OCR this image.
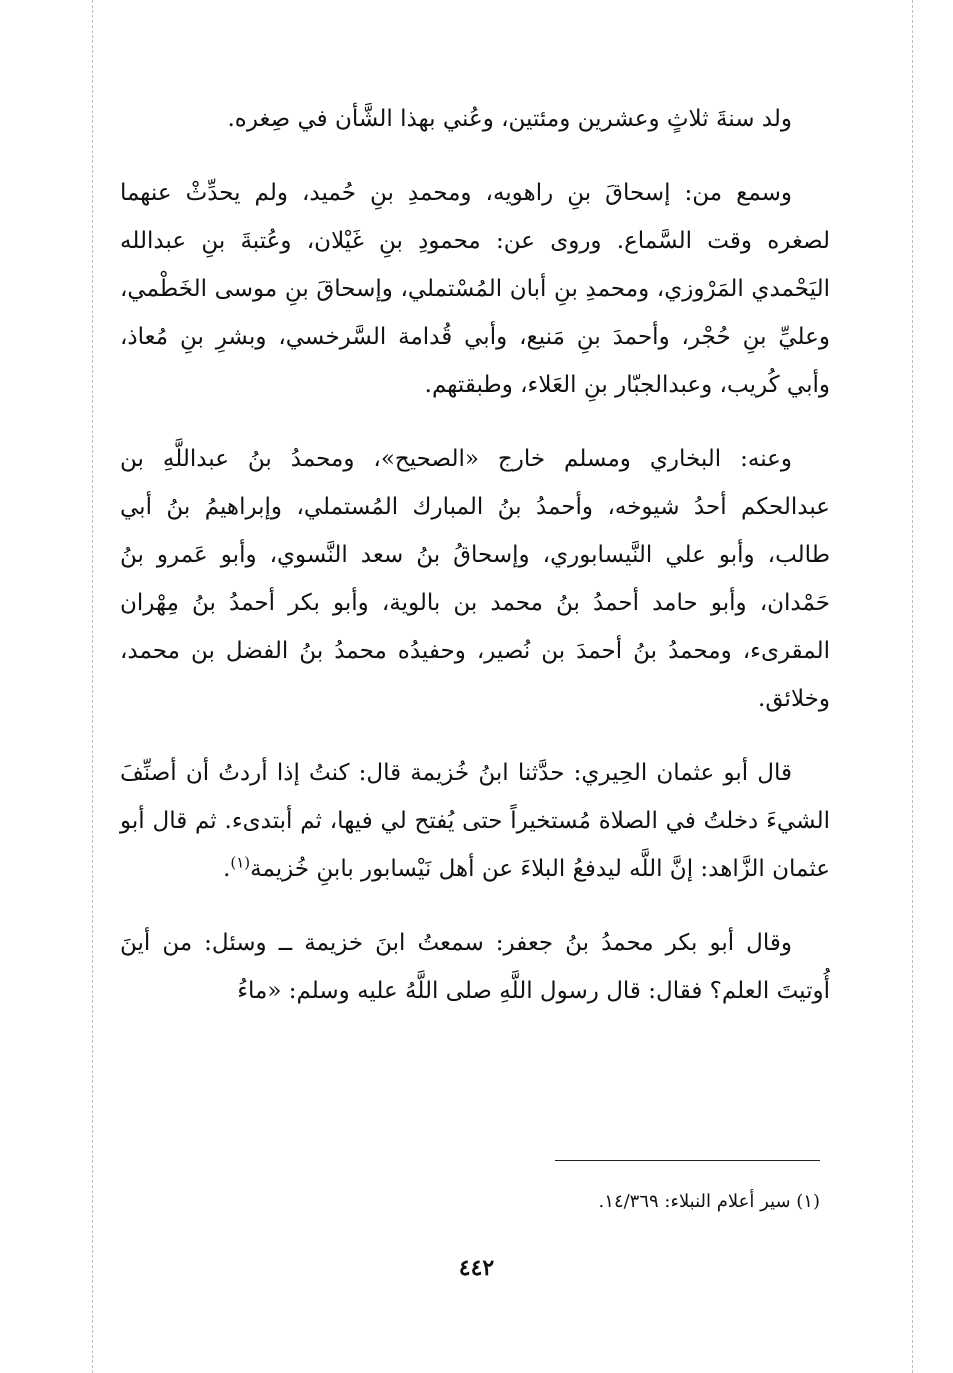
ولد سنةَ ثلاثٍ وعشرين ومئتين، وعُني بهذا الشَّأن في صِغره.

وسمع من: إسحاقَ بنِ راهويه، ومحمدِ بنِ حُميد، ولم يحدِّثْ عنهما لصغره وقت السَّماع. وروى عن: محمودِ بنِ غَيْلان، وعُتبةَ بنِ عبدالله اليَحْمدي المَرْوزي، ومحمدِ بنِ أبان المُسْتملي، وإسحاقَ بنِ موسى الخَطْمي، وعليِّ بنِ حُجْر، وأحمدَ بنِ مَنيع، وأبي قُدامة السَّرخسي، وبشرِ بنِ مُعاذ، وأبي كُريب، وعبدالجبّار بنِ العَلاء، وطبقتهم.

وعنه: البخاري ومسلم خارج «الصحيح»، ومحمدُ بنُ عبداللَّهِ بن عبدالحكم أحدُ شيوخه، وأحمدُ بنُ المبارك المُستملي، وإبراهيمُ بنُ أبي طالب، وأبو علي النَّيسابوري، وإسحاقُ بنُ سعد النَّسوي، وأبو عَمرو بنُ حَمْدان، وأبو حامد أحمدُ بنُ محمد بن بالوية، وأبو بكر أحمدُ بنُ مِهْران المقرىء، ومحمدُ بنُ أحمدَ بن نُصير، وحفيدُه محمدُ بنُ الفضل بن محمد، وخلائق.

قال أبو عثمان الحِيري: حدَّثنا ابنُ خُزيمة قال: كنتُ إذا أردتُ أن أصنِّفَ الشيءَ دخلتُ في الصلاة مُستخيراً حتى يُفتح لي فيها، ثم أبتدىء. ثم قال أبو عثمان الزَّاهد: إنَّ اللَّه ليدفعُ البلاءَ عن أهل نَيْسابور بابنِ خُزيمة$^{(١)}$.

وقال أبو بكر محمدُ بنُ جعفر: سمعتُ ابنَ خزيمة ــ وسئل: من أينَ أُوتيتَ العلم؟ فقال: قال رسول اللَّهِ صلى اللَّهُ عليه وسلم: «ماءُ

(١) سير أعلام النبلاء: ١٤/٣٦٩.
٤٤٢
